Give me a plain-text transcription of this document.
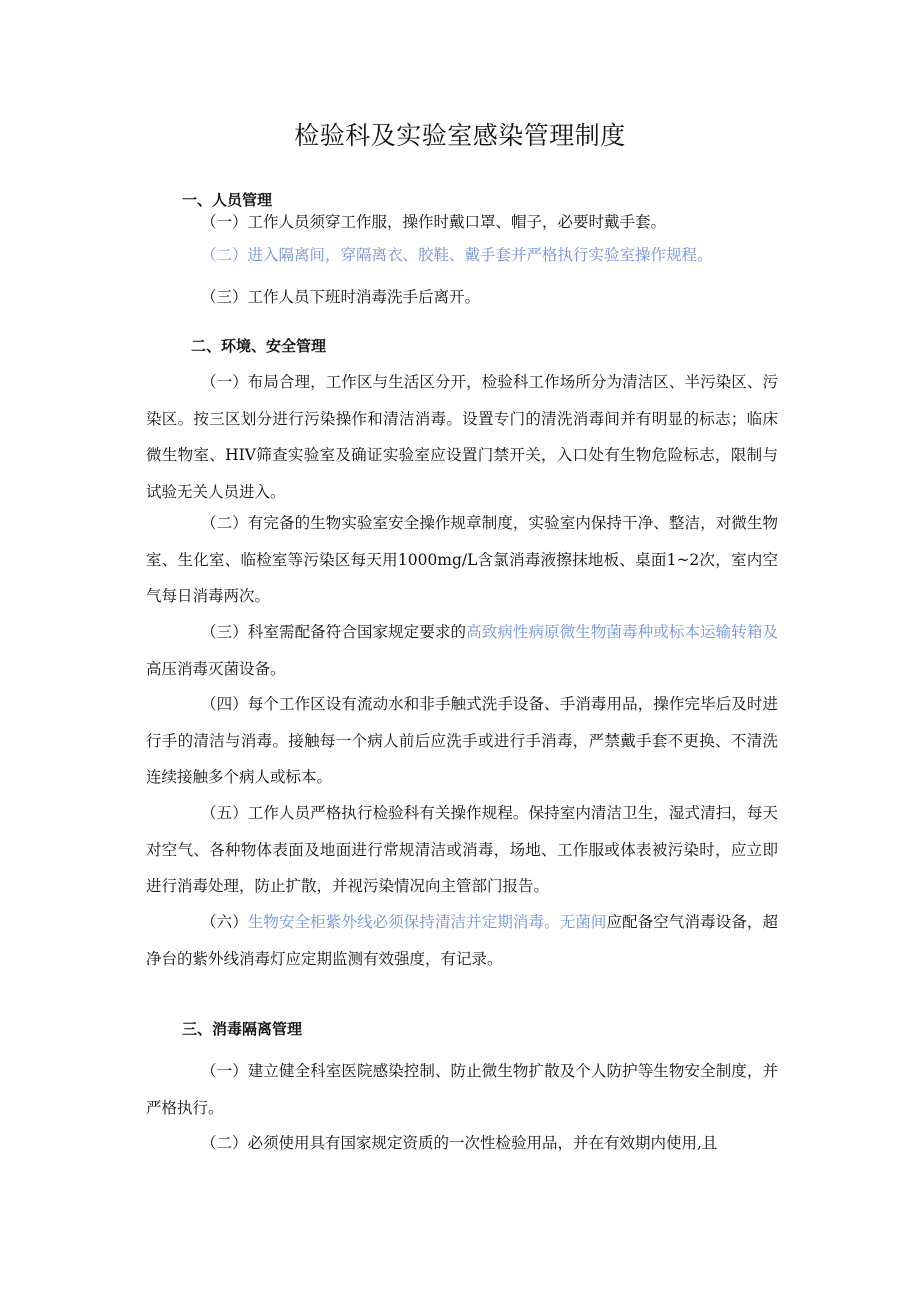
检验科及实验室感染管理制度
一、人员管理
（一）工作人员须穿工作服，操作时戴口罩、帽子，必要时戴手套。
（二）进入隔离间，穿隔离衣、胶鞋、戴手套并严格执行实验室操作规程。
（三）工作人员下班时消毒洗手后离开。
二、环境、安全管理

（一）布局合理，工作区与生活区分开，检验科工作场所分为清洁区、半污染区、污染区。按三区划分进行污染操作和清洁消毒。设置专门的清洗消毒间并有明显的标志；临床微生物室、HIV筛查实验室及确证实验室应设置门禁开关，入口处有生物危险标志，限制与试验无关人员进入。

（二）有完备的生物实验室安全操作规章制度，实验室内保持干净、整洁，对微生物室、生化室、临检室等污染区每天用1000mg/L含氯消毒液擦抹地板、桌面1~2次，室内空气每日消毒两次。

（三）科室需配备符合国家规定要求的高致病性病原微生物菌毒种或标本运输转箱及高压消毒灭菌设备。

（四）每个工作区设有流动水和非手触式洗手设备、手消毒用品，操作完毕后及时进行手的清洁与消毒。接触每一个病人前后应洗手或进行手消毒，严禁戴手套不更换、不清洗连续接触多个病人或标本。

（五）工作人员严格执行检验科有关操作规程。保持室内清洁卫生，湿式清扫，每天对空气、各种物体表面及地面进行常规清洁或消毒，场地、工作服或体表被污染时，应立即进行消毒处理，防止扩散，并视污染情况向主管部门报告。

（六）生物安全柜紫外线必须保持清洁并定期消毒。无菌间应配备空气消毒设备，超净台的紫外线消毒灯应定期监测有效强度，有记录。

三、消毒隔离管理

（一）建立健全科室医院感染控制、防止微生物扩散及个人防护等生物安全制度，并严格执行。

（二）必须使用具有国家规定资质的一次性检验用品，并在有效期内使用,且
